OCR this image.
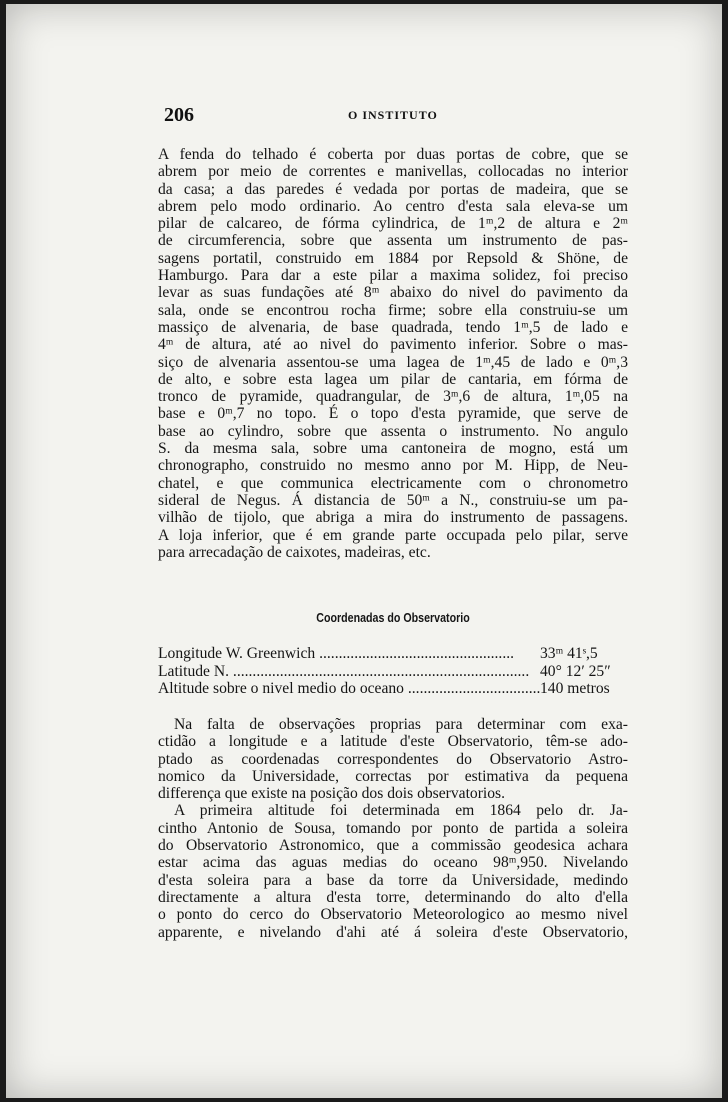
206	O INSTITUTO
A fenda do telhado é coberta por duas portas de cobre, que se
abrem por meio de correntes e manivellas, collocadas no interior
da casa; a das paredes é vedada por portas de madeira, que se
abrem pelo modo ordinario. Ao centro d'esta sala eleva-se um
pilar de calcareo, de fórma cylindrica, de 1ᵐ,2 de altura e 2ᵐ
de circumferencia, sobre que assenta um instrumento de pas-
sagens portatil, construido em 1884 por Repsold & Shöne, de
Hamburgo. Para dar a este pilar a maxima solidez, foi preciso
levar as suas fundações até 8ᵐ abaixo do nivel do pavimento da
sala, onde se encontrou rocha firme; sobre ella construiu-se um
massiço de alvenaria, de base quadrada, tendo 1ᵐ,5 de lado e
4ᵐ de altura, até ao nivel do pavimento inferior. Sobre o mas-
siço de alvenaria assentou-se uma lagea de 1ᵐ,45 de lado e 0ᵐ,3
de alto, e sobre esta lagea um pilar de cantaria, em fórma de
tronco de pyramide, quadrangular, de 3ᵐ,6 de altura, 1ᵐ,05 na
base e 0ᵐ,7 no topo. É o topo d'esta pyramide, que serve de
base ao cylindro, sobre que assenta o instrumento. No angulo
S. da mesma sala, sobre uma cantoneira de mogno, está um
chronographo, construido no mesmo anno por M. Hipp, de Neu-
chatel, e que communica electricamente com o chronometro
sideral de Negus. Á distancia de 50ᵐ a N., construiu-se um pa-
vilhão de tijolo, que abriga a mira do instrumento de passagens.
A loja inferior, que é em grande parte occupada pelo pilar, serve
para arrecadação de caixotes, madeiras, etc.
Coordenadas do Observatorio
Longitude W. Greenwich ..................................................	33ᵐ 41ˢ,5
Latitude N. ............................................................................ 40° 12′ 25″
Altitude sobre o nivel medio do oceano .................................. 140 metros
Na falta de observações proprias para determinar com exa-
ctidão a longitude e a latitude d'este Observatorio, têm-se ado-
ptado as coordenadas correspondentes do Observatorio Astro-
nomico da Universidade, correctas por estimativa da pequena
differença que existe na posição dos dois observatorios.
A primeira altitude foi determinada em 1864 pelo dr. Ja-
cintho Antonio de Sousa, tomando por ponto de partida a soleira
do Observatorio Astronomico, que a commissão geodesica achara
estar acima das aguas medias do oceano 98ᵐ,950. Nivelando
d'esta soleira para a base da torre da Universidade, medindo
directamente a altura d'esta torre, determinando do alto d'ella
o ponto do cerco do Observatorio Meteorologico ao mesmo nivel
apparente, e nivelando d'ahi até á soleira d'este Observatorio,
